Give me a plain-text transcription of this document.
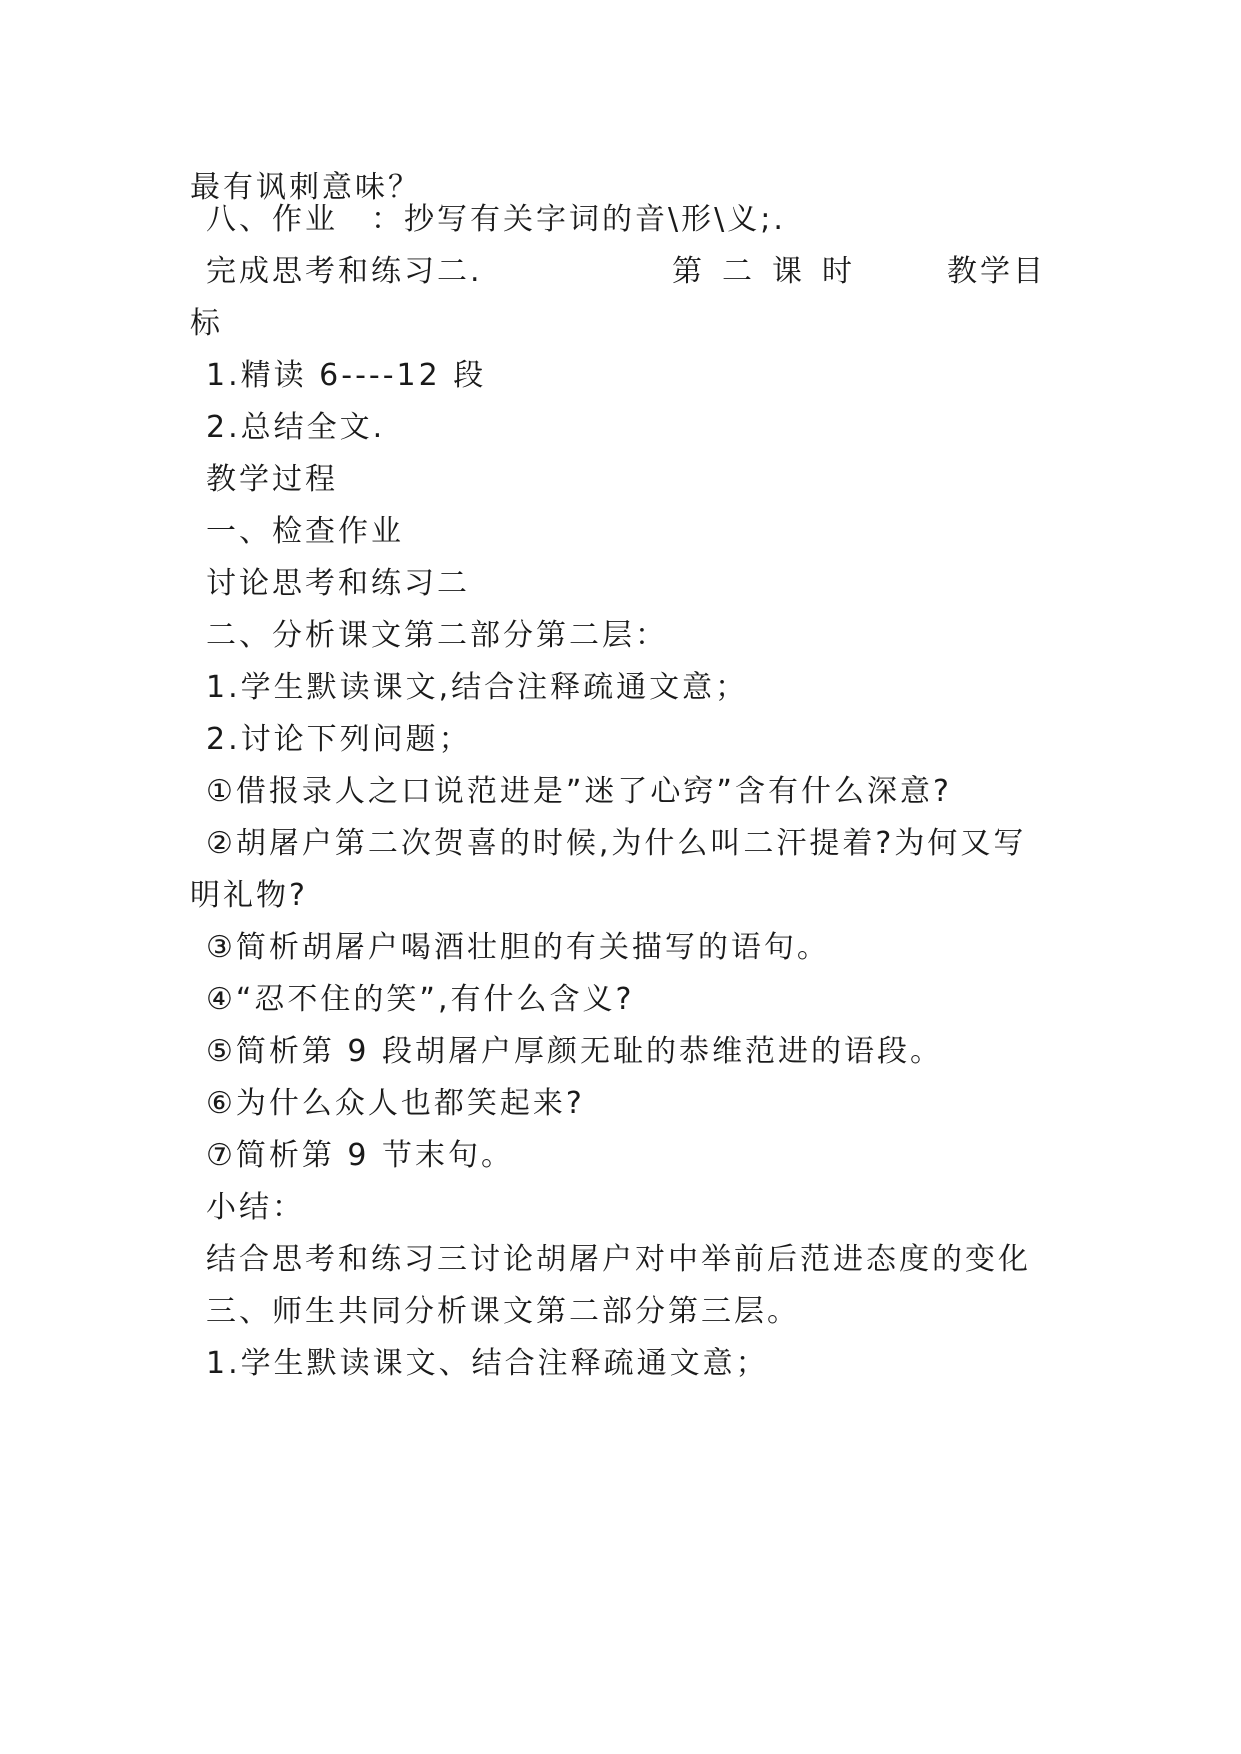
最有讽刺意味？
八、作业　：抄写有关字词的音\形\义;.
完成思考和练习二.	第二课时	教学目
标
1.精读 6----12 段
2.总结全文.
教学过程
一、检查作业
讨论思考和练习二
二、分析课文第二部分第二层：
1.学生默读课文,结合注释疏通文意；
2.讨论下列问题；
①借报录人之口说范进是”迷了心窍”含有什么深意?
②胡屠户第二次贺喜的时候,为什么叫二汗提着?为何又写
明礼物?
③简析胡屠户喝酒壮胆的有关描写的语句。
④“忍不住的笑”,有什么含义?
⑤简析第 9 段胡屠户厚颜无耻的恭维范进的语段。
⑥为什么众人也都笑起来?
⑦简析第 9 节末句。
小结：
结合思考和练习三讨论胡屠户对中举前后范进态度的变化
三、师生共同分析课文第二部分第三层。
1.学生默读课文、结合注释疏通文意；
